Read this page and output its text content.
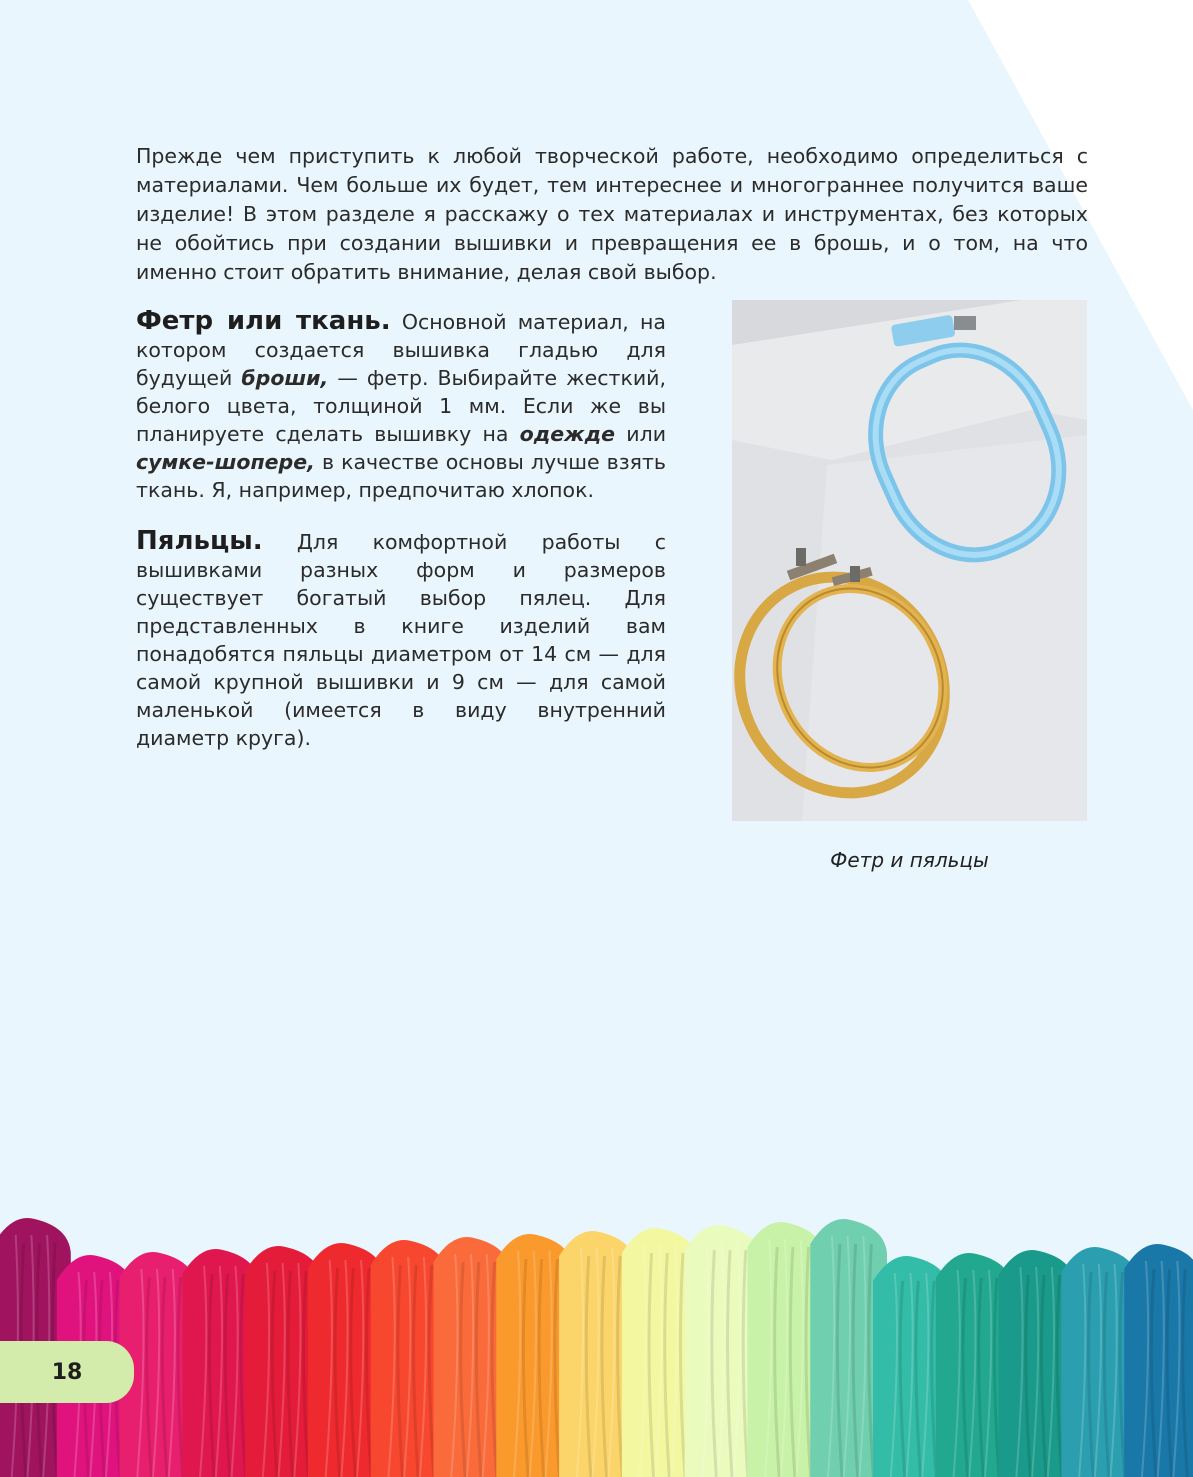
Прежде чем приступить к любой творческой работе, необходимо определиться с материалами. Чем больше их будет, тем интереснее и многограннее получится ваше изделие! В этом разделе я расскажу о тех материалах и инструментах, без которых не обойтись при создании вышивки и превращения ее в брошь, и о том, на что именно стоит обратить внимание, делая свой выбор.

Фетр или ткань. Основной материал, на котором создается вышивка гладью для будущей броши, — фетр. Выбирайте жесткий, белого цвета, толщиной 1 мм. Если же вы планируете сделать вышивку на одежде или сумке-шопере, в качестве основы лучше взять ткань. Я, например, предпочитаю хлопок.

Пяльцы. Для комфортной работы с вышивками разных форм и размеров существует богатый выбор пялец. Для представленных в книге изделий вам понадобятся пяльцы диаметром от 14 см — для самой крупной вышивки и 9 см — для самой маленькой (имеется в виду внутренний диаметр круга).

Фетр и пяльцы
18
